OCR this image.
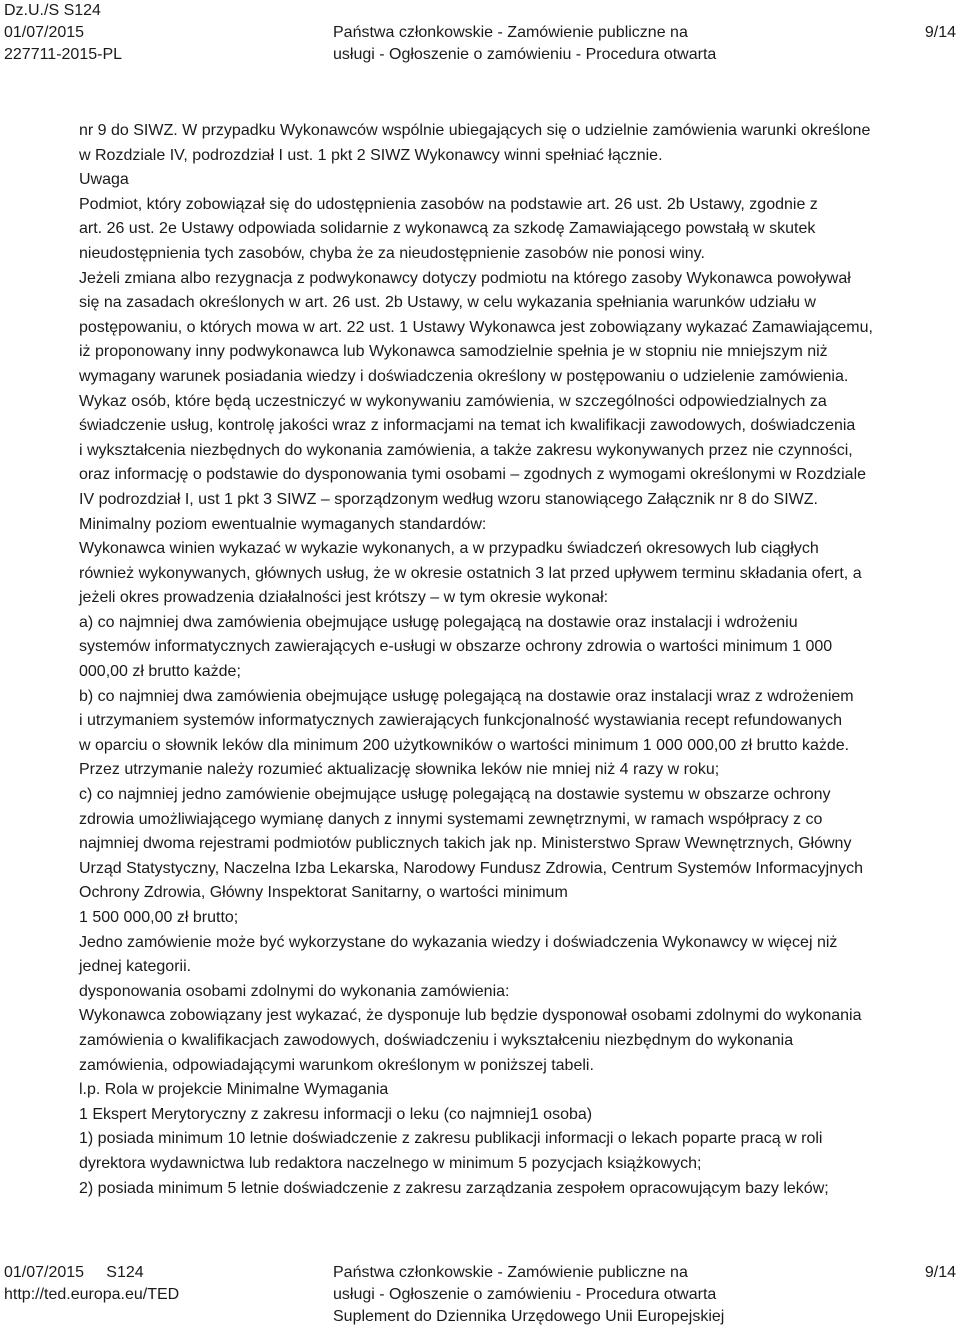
Dz.U./S S124
01/07/2015
227711-2015-PL

Państwa członkowskie - Zamówienie publiczne na
usługi - Ogłoszenie o zamówieniu - Procedura otwarta

9/14

nr 9 do SIWZ. W przypadku Wykonawców wspólnie ubiegających się o udzielnie zamówienia warunki określone

w Rozdziale IV, podrozdział I ust. 1 pkt 2 SIWZ Wykonawcy winni spełniać łącznie.

Uwaga

Podmiot, który zobowiązał się do udostępnienia zasobów na podstawie art. 26 ust. 2b Ustawy, zgodnie z

art. 26 ust. 2e Ustawy odpowiada solidarnie z wykonawcą za szkodę Zamawiającego powstałą w skutek

nieudostępnienia tych zasobów, chyba że za nieudostępnienie zasobów nie ponosi winy.

Jeżeli zmiana albo rezygnacja z podwykonawcy dotyczy podmiotu na którego zasoby Wykonawca powoływał

się na zasadach określonych w art. 26 ust. 2b Ustawy, w celu wykazania spełniania warunków udziału w

postępowaniu, o których mowa w art. 22 ust. 1 Ustawy Wykonawca jest zobowiązany wykazać Zamawiającemu,

iż proponowany inny podwykonawca lub Wykonawca samodzielnie spełnia je w stopniu nie mniejszym niż

wymagany warunek posiadania wiedzy i doświadczenia określony w postępowaniu o udzielenie zamówienia.

Wykaz osób, które będą uczestniczyć w wykonywaniu zamówienia, w szczególności odpowiedzialnych za

świadczenie usług, kontrolę jakości wraz z informacjami na temat ich kwalifikacji zawodowych, doświadczenia

i wykształcenia niezbędnych do wykonania zamówienia, a także zakresu wykonywanych przez nie czynności,

oraz informację o podstawie do dysponowania tymi osobami – zgodnych z wymogami określonymi w Rozdziale

IV podrozdział I, ust 1 pkt 3 SIWZ – sporządzonym według wzoru stanowiącego Załącznik nr 8 do SIWZ.

Minimalny poziom ewentualnie wymaganych standardów:

Wykonawca winien wykazać w wykazie wykonanych, a w przypadku świadczeń okresowych lub ciągłych

również wykonywanych, głównych usług, że w okresie ostatnich 3 lat przed upływem terminu składania ofert, a

jeżeli okres prowadzenia działalności jest krótszy – w tym okresie wykonał:

a) co najmniej dwa zamówienia obejmujące usługę polegającą na dostawie oraz instalacji i wdrożeniu

systemów informatycznych zawierających e-usługi w obszarze ochrony zdrowia o wartości minimum 1 000

000,00 zł brutto każde;

b) co najmniej dwa zamówienia obejmujące usługę polegającą na dostawie oraz instalacji wraz z wdrożeniem

i utrzymaniem systemów informatycznych zawierających funkcjonalność wystawiania recept refundowanych

w oparciu o słownik leków dla minimum 200 użytkowników o wartości minimum 1 000 000,00 zł brutto każde.

Przez utrzymanie należy rozumieć aktualizację słownika leków nie mniej niż 4 razy w roku;

c) co najmniej jedno zamówienie obejmujące usługę polegającą na dostawie systemu w obszarze ochrony

zdrowia umożliwiającego wymianę danych z innymi systemami zewnętrznymi, w ramach współpracy z co

najmniej dwoma rejestrami podmiotów publicznych takich jak np. Ministerstwo Spraw Wewnętrznych, Główny

Urząd Statystyczny, Naczelna Izba Lekarska, Narodowy Fundusz Zdrowia, Centrum Systemów Informacyjnych

Ochrony Zdrowia, Główny Inspektorat Sanitarny, o wartości minimum

1 500 000,00 zł brutto;

Jedno zamówienie może być wykorzystane do wykazania wiedzy i doświadczenia Wykonawcy w więcej niż

jednej kategorii.

dysponowania osobami zdolnymi do wykonania zamówienia:

Wykonawca zobowiązany jest wykazać, że dysponuje lub będzie dysponował osobami zdolnymi do wykonania

zamówienia o kwalifikacjach zawodowych, doświadczeniu i wykształceniu niezbędnym do wykonania

zamówienia, odpowiadającymi warunkom określonym w poniższej tabeli.

l.p. Rola w projekcie Minimalne Wymagania

1 Ekspert Merytoryczny z zakresu informacji o leku (co najmniej1 osoba)

1) posiada minimum 10 letnie doświadczenie z zakresu publikacji informacji o lekach poparte pracą w roli

dyrektora wydawnictwa lub redaktora naczelnego w minimum 5 pozycjach książkowych;

2) posiada minimum 5 letnie doświadczenie z zakresu zarządzania zespołem opracowującym bazy leków;

01/07/2015     S124
http://ted.europa.eu/TED
Państwa członkowskie - Zamówienie publiczne na
usługi - Ogłoszenie o zamówieniu - Procedura otwarta
Suplement do Dziennika Urzędowego Unii Europejskiej
9/14
